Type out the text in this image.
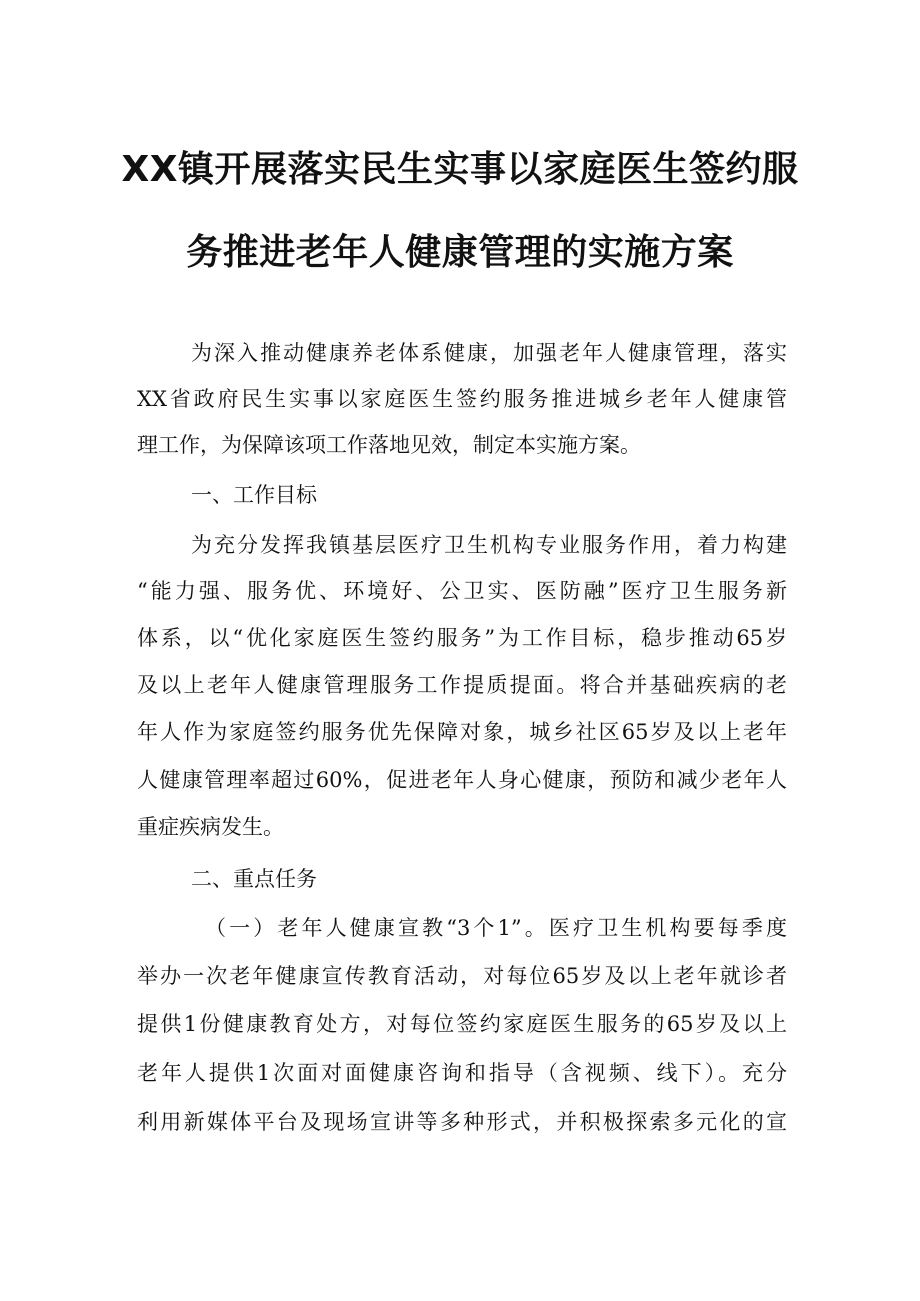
XX镇开展落实民生实事以家庭医生签约服
务推进老年人健康管理的实施方案
为深入推动健康养老体系健康，加强老年人健康管理，落实
XX省政府民生实事以家庭医生签约服务推进城乡老年人健康管
理工作，为保障该项工作落地见效，制定本实施方案。
一、工作目标
为充分发挥我镇基层医疗卫生机构专业服务作用，着力构建
“能力强、服务优、环境好、公卫实、医防融”医疗卫生服务新
体系，以“优化家庭医生签约服务”为工作目标，稳步推动65岁
及以上老年人健康管理服务工作提质提面。将合并基础疾病的老
年人作为家庭签约服务优先保障对象，城乡社区65岁及以上老年
人健康管理率超过60%，促进老年人身心健康，预防和减少老年人
重症疾病发生。
二、重点任务
（一）老年人健康宣教“3个1”。医疗卫生机构要每季度
举办一次老年健康宣传教育活动，对每位65岁及以上老年就诊者
提供1份健康教育处方，对每位签约家庭医生服务的65岁及以上
老年人提供1次面对面健康咨询和指导（含视频、线下）。充分
利用新媒体平台及现场宣讲等多种形式，并积极探索多元化的宣
